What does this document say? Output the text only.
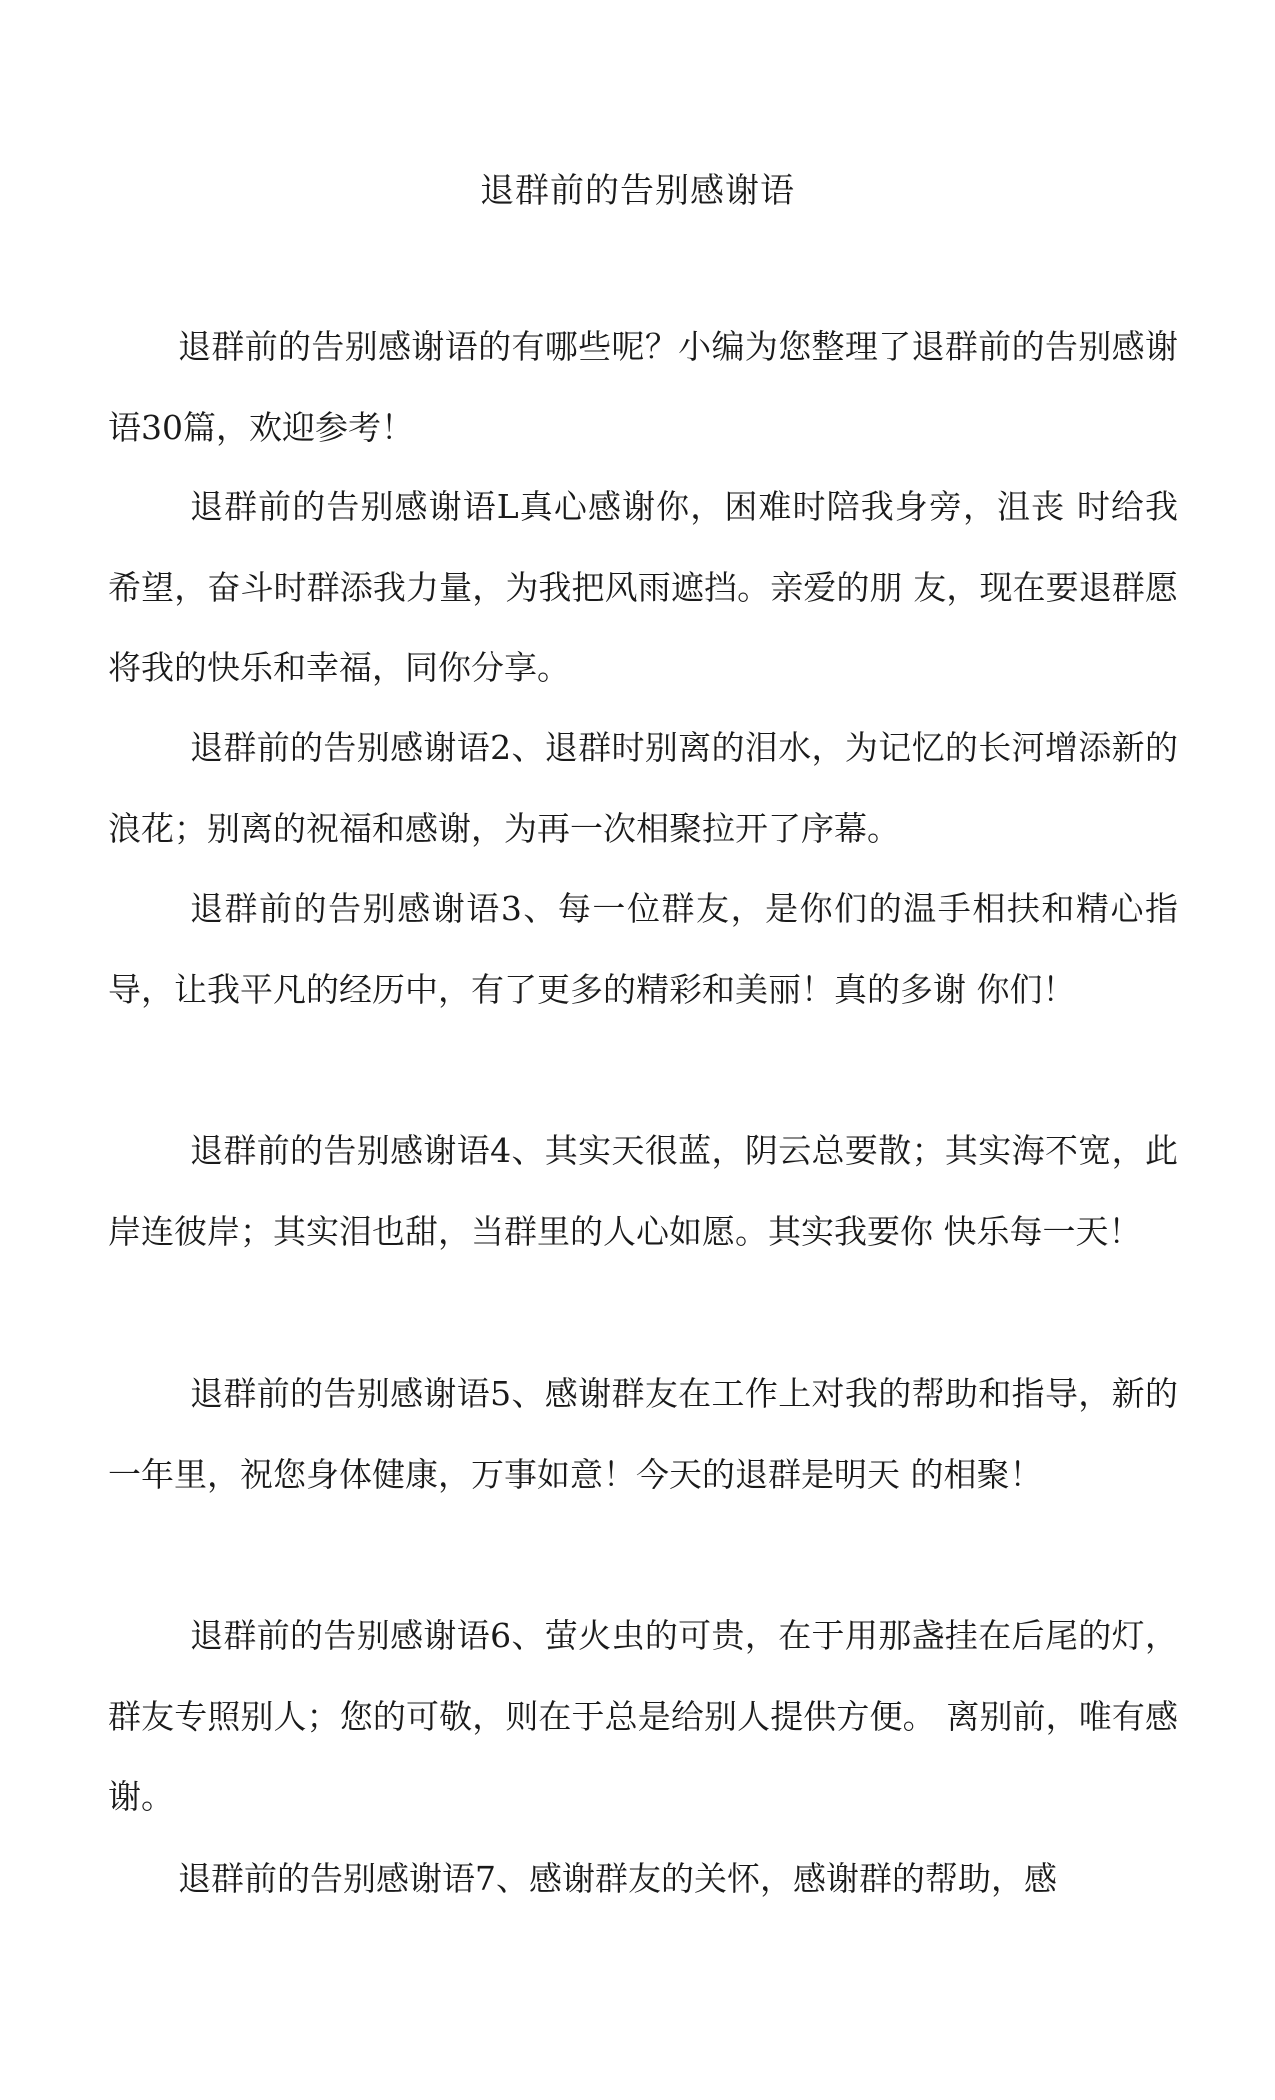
退群前的告别感谢语

退群前的告别感谢语的有哪些呢？小编为您整理了退群前的告别感谢语30篇，欢迎参考！

退群前的告别感谢语L真心感谢你，困难时陪我身旁，沮丧 时给我希望，奋斗时群添我力量，为我把风雨遮挡。亲爱的朋 友，现在要退群愿将我的快乐和幸福，同你分享。

退群前的告别感谢语2、退群时别离的泪水，为记忆的长河增添新的浪花；别离的祝福和感谢，为再一次相聚拉开了序幕。

退群前的告别感谢语3、每一位群友，是你们的温手相扶和精心指导，让我平凡的经历中，有了更多的精彩和美丽！真的多谢 你们！

退群前的告别感谢语4、其实天很蓝，阴云总要散；其实海不宽，此岸连彼岸；其实泪也甜，当群里的人心如愿。其实我要你 快乐每一天！

退群前的告别感谢语5、感谢群友在工作上对我的帮助和指导，新的一年里，祝您身体健康，万事如意！今天的退群是明天 的相聚！

退群前的告别感谢语6、萤火虫的可贵，在于用那盏挂在后尾的灯，群友专照别人；您的可敬，则在于总是给别人提供方便。 离别前，唯有感谢。

退群前的告别感谢语7、感谢群友的关怀，感谢群的帮助，感
